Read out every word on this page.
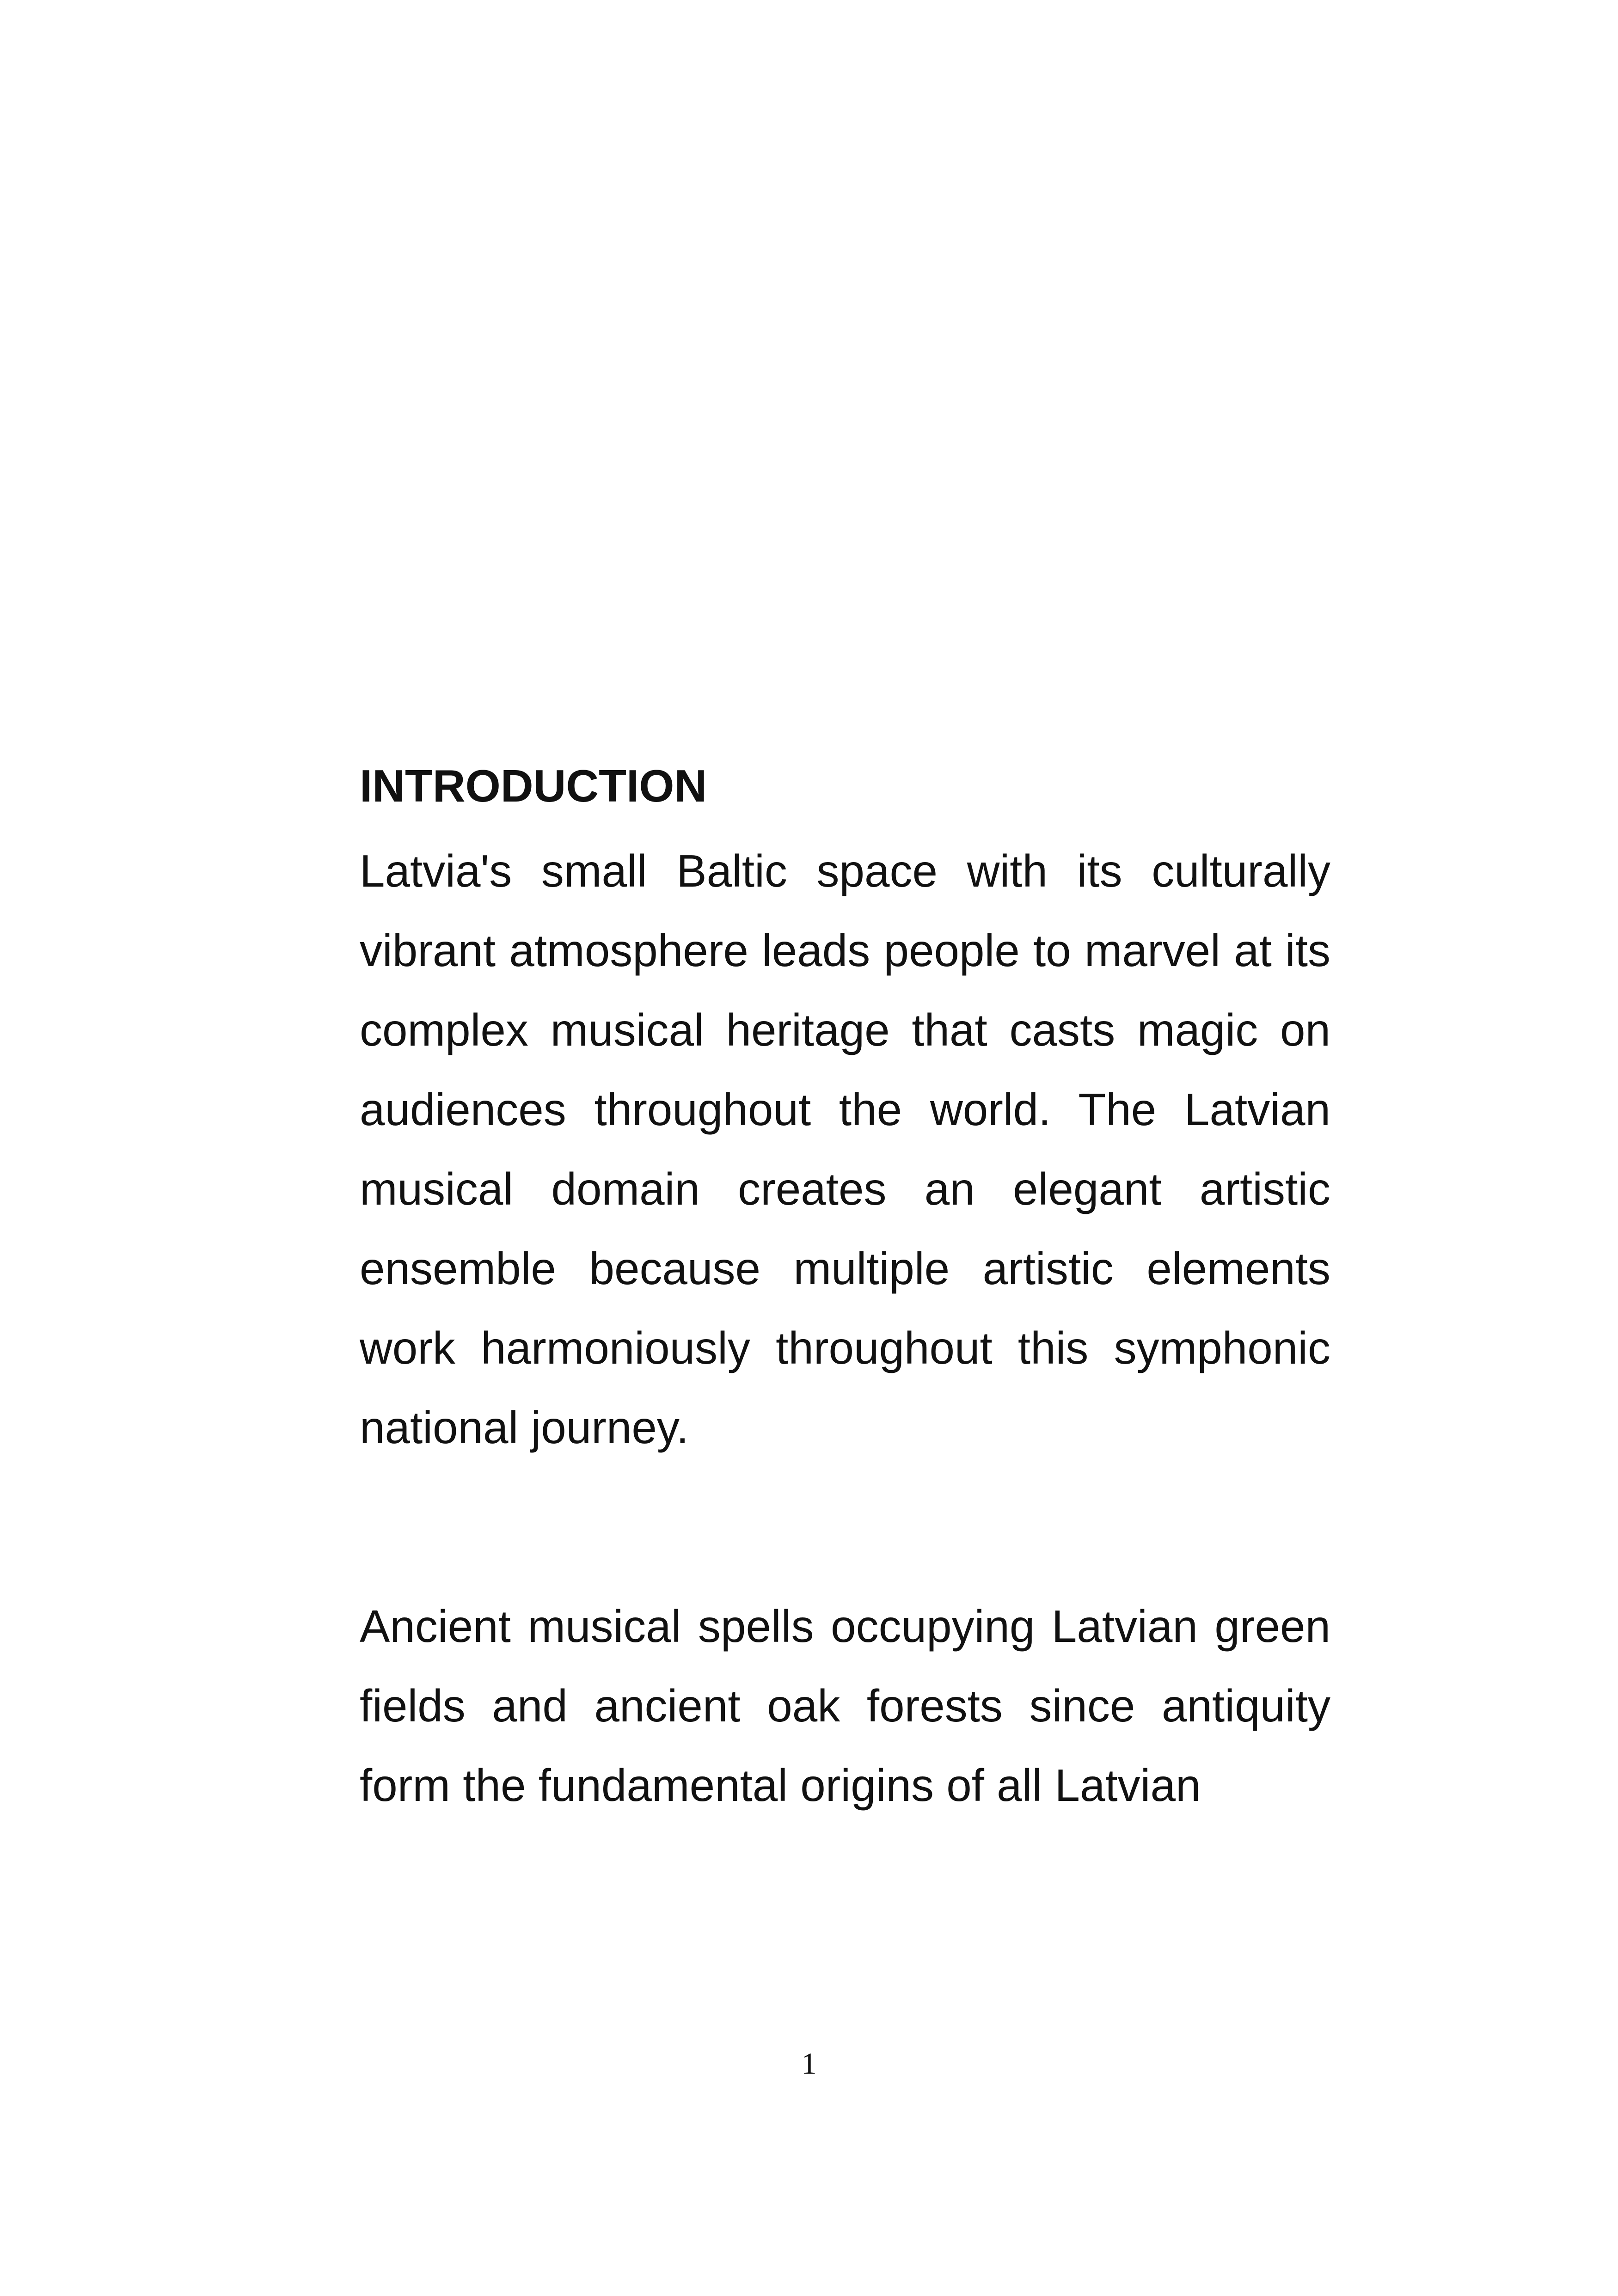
INTRODUCTION

Latvia's small Baltic space with its culturally vibrant atmosphere leads people to marvel at its complex musical heritage that casts magic on audiences throughout the world. The Latvian musical domain creates an elegant artistic ensemble because multiple artistic elements work harmoniously throughout this symphonic national journey.

Ancient musical spells occupying Latvian green fields and ancient oak forests since antiquity form the fundamental origins of all Latvian

1
